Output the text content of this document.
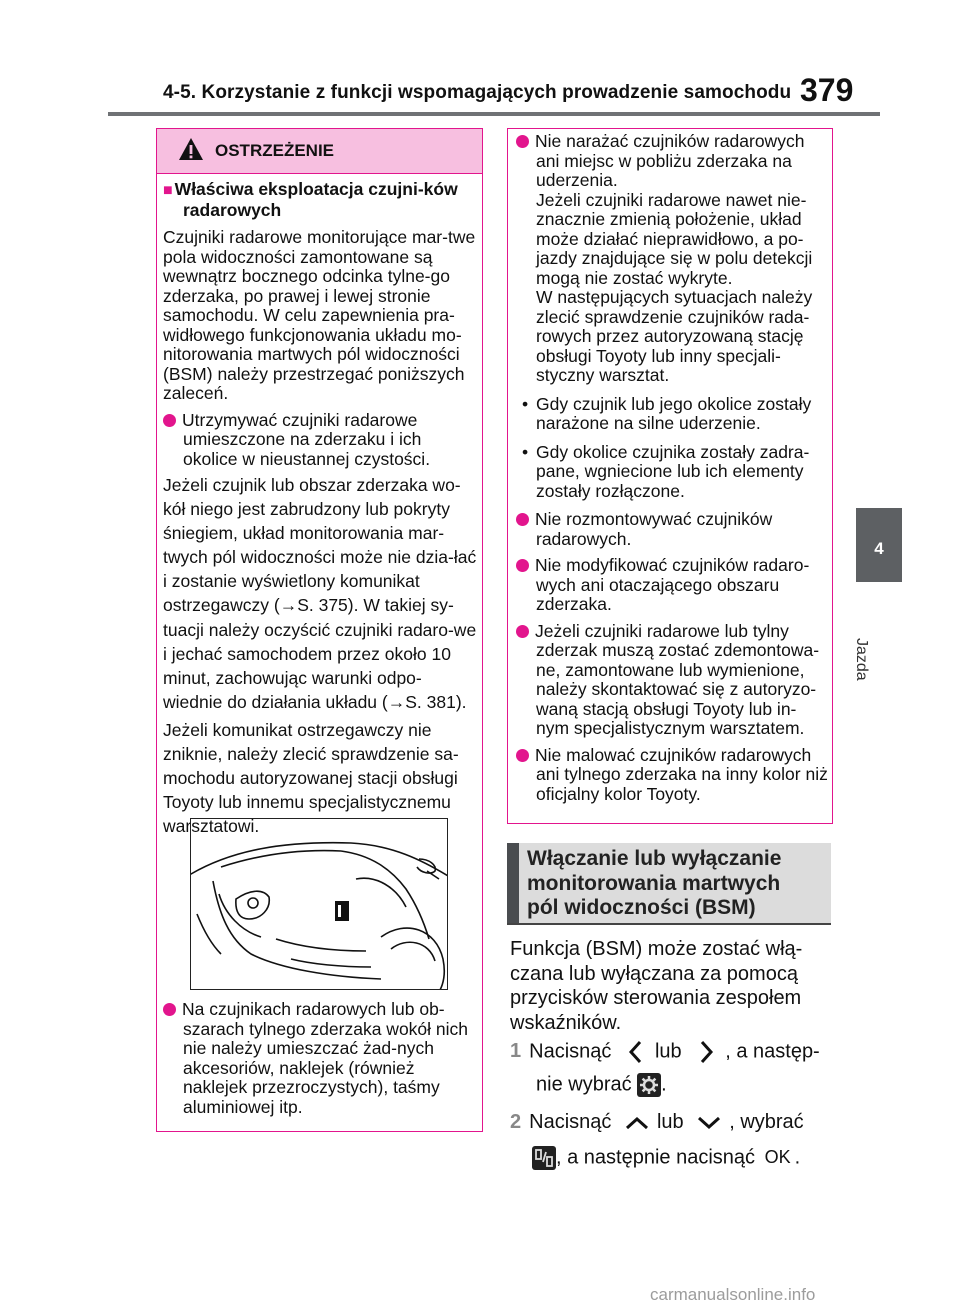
4-5. Korzystanie z funkcji wspomagających prowadzenie samochodu 379
4
Jazda
OSTRZEŻENIE

■ Właściwa eksploatacja czujni-ków radarowych

Czujniki radarowe monitorujące mar-twe pola widoczności zamontowane są wewnątrz bocznego odcinka tylne-go zderzaka, po prawej i lewej stronie samochodu. W celu zapewnienia pra-widłowego funkcjonowania układu mo-nitorowania martwych pól widoczności (BSM) należy przestrzegać poniższych zaleceń.

Utrzymywać czujniki radarowe umieszczone na zderzaku i ich okolice w nieustannej czystości.

Jeżeli czujnik lub obszar zderzaka wo-kół niego jest zabrudzony lub pokryty śniegiem, układ monitorowania mar-twych pól widoczności może nie dzia-łać i zostanie wyświetlony komunikat ostrzegawczy (→S. 375). W takiej sy-tuacji należy oczyścić czujniki radaro-we i jechać samochodem przez około 10 minut, zachowując warunki odpo-wiednie do działania układu (→S. 381).

Jeżeli komunikat ostrzegawczy nie zniknie, należy zlecić sprawdzenie sa-mochodu autoryzowanej stacji obsługi Toyoty lub innemu specjalistycznemu warsztatowi.

Na czujnikach radarowych lub ob-szarach tylnego zderzaka wokół nich nie należy umieszczać żad-nych akcesoriów, naklejek (również naklejek przezroczystych), taśmy aluminiowej itp.

Nie narażać czujników radarowych ani miejsc w pobliżu zderzaka na uderzenia.

Jeżeli czujniki radarowe nawet nie-znacznie zmienią położenie, układ może działać nieprawidłowo, a po-jazdy znajdujące się w polu detekcji mogą nie zostać wykryte.

W następujących sytuacjach należy zlecić sprawdzenie czujników rada-rowych przez autoryzowaną stację obsługi Toyoty lub inny specjali-styczny warsztat.

• Gdy czujnik lub jego okolice zostały narażone na silne uderzenie.

• Gdy okolice czujnika zostały zadra-pane, wgniecione lub ich elementy zostały rozłączone.

Nie rozmontowywać czujników radarowych.

Nie modyfikować czujników radaro-wych ani otaczającego obszaru zderzaka.

Jeżeli czujniki radarowe lub tylny zderzak muszą zostać zdemontowa-ne, zamontowane lub wymienione, należy skontaktować się z autoryzo-waną stacją obsługi Toyoty lub in-nym specjalistycznym warsztatem.

Nie malować czujników radarowych ani tylnego zderzaka na inny kolor niż oficjalny kolor Toyoty.

Włączanie lub wyłączanie
monitorowania martwych
pól widoczności (BSM)
Funkcja (BSM) może zostać włą-czana lub wyłączana za pomocą przycisków sterowania zespołem wskaźników.
1 Nacisnąć lub , a następ-
nie wybrać .
2 Nacisnąć lub , wybrać
, a następnie nacisnąć OK .
carmanualsonline.info
